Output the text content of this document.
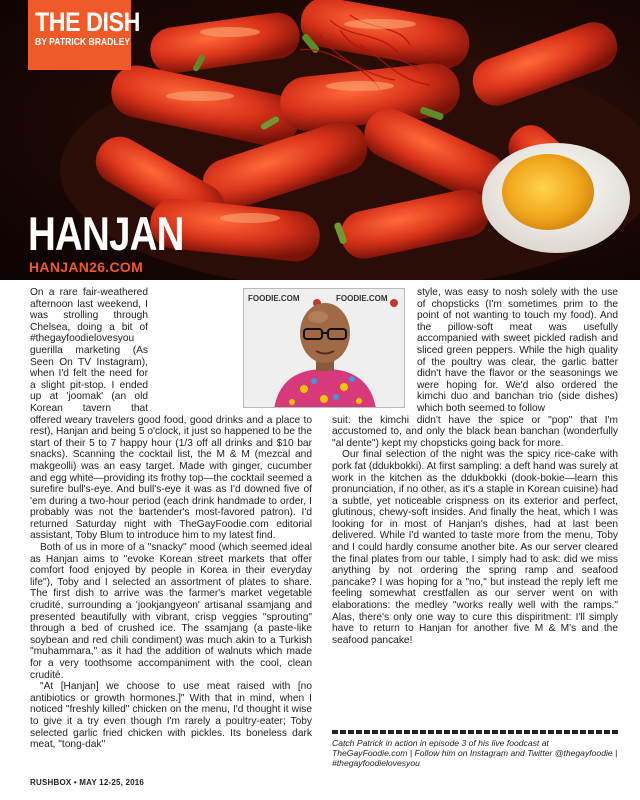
THE DISH
BY PATRICK BRADLEY
HANJAN
HANJAN26.COM

On a rare fair-weathered afternoon last weekend, I was strolling through Chelsea, doing a bit of #thegayfoodielovesyou guerilla marketing (As Seen On TV Instagram), when I'd felt the need for a slight pit-stop. I ended up at 'joomak' (an old Korean tavern that offered weary travelers good food, good drinks and a place to rest), Hanjan and being 5 o'clock, it just so happened to be the start of their 5 to 7 happy hour (1/3 off all drinks and $10 bar snacks). Scanning the cocktail list, the M & M (mezcal and makgeolli) was an easy target. Made with ginger, cucumber and egg white—providing its frothy top—the cocktail seemed a surefire bull's-eye. And bull's-eye it was as I'd downed five of 'em during a two-hour period (each drink handmade to order, I probably was not the bartender's most-favored patron). I'd returned Saturday night with TheGayFoodie.com editorial assistant, Toby Blum to introduce him to my latest find.

Both of us in more of a "snacky" mood (which seemed ideal as Hanjan aims to "evoke Korean street markets that offer comfort food enjoyed by people in Korea in their everyday life"), Toby and I selected an assortment of plates to share. The first dish to arrive was the farmer's market vegetable crudité, surrounding a 'jookjangyeon' artisanal ssamjang and presented beautifully with vibrant, crisp veggies "sprouting" through a bed of crushed ice. The ssamjang (a paste-like soybean and red chili condiment) was much akin to a Turkish "muhammara," as it had the addition of walnuts which made for a very toothsome accompaniment with the cool, clean crudité.

"At [Hanjan] we choose to use meat raised with [no antibiotics or growth hormones.]" With that in mind, when I noticed "freshly killed" chicken on the menu, I'd thought it wise to give it a try even though I'm rarely a poultry-eater; Toby selected garlic fried chicken with pickles. Its boneless dark meat, "tong-dak"

style, was easy to nosh solely with the use of chopsticks (I'm sometimes prim to the point of not wanting to touch my food). And the pillow-soft meat was usefully accompanied with sweet pickled radish and sliced green peppers. While the high quality of the poultry was clear, the garlic batter didn't have the flavor or the seasonings we were hoping for. We'd also ordered the kimchi duo and banchan trio (side dishes) which both seemed to follow

suit: the kimchi didn't have the spice or "pop" that I'm accustomed to, and only the black bean banchan (wonderfully "al dente") kept my chopsticks going back for more.

Our final selection of the night was the spicy rice-cake with pork fat (ddukbokki). At first sampling: a deft hand was surely at work in the kitchen as the ddukbokki (dook-bokie—learn this pronunciation, if no other, as it's a staple in Korean cuisine) had a subtle, yet noticeable crispness on its exterior and perfect, glutinous, chewy-soft insides. And finally the heat, which I was looking for in most of Hanjan's dishes, had at last been delivered. While I'd wanted to taste more from the menu, Toby and I could hardly consume another bite. As our server cleared the final plates from our table, I simply had to ask: did we miss anything by not ordering the spring ramp and seafood pancake? I was hoping for a "no," but instead the reply left me feeling somewhat crestfallen as our server went on with elaborations: the medley "works really well with the ramps." Alas, there's only one way to cure this dispiritment: I'll simply have to return to Hanjan for another five M & M's and the seafood pancake!

FOODIE.COM	FOODIE.COM
Catch Patrick in action in episode 3 of his live foodcast at TheGayFoodie.com | Follow him on Instagram and Twitter @thegayfoodie | #thegayfoodielovesyou
RUSHBOX • MAY 12-25, 2016
